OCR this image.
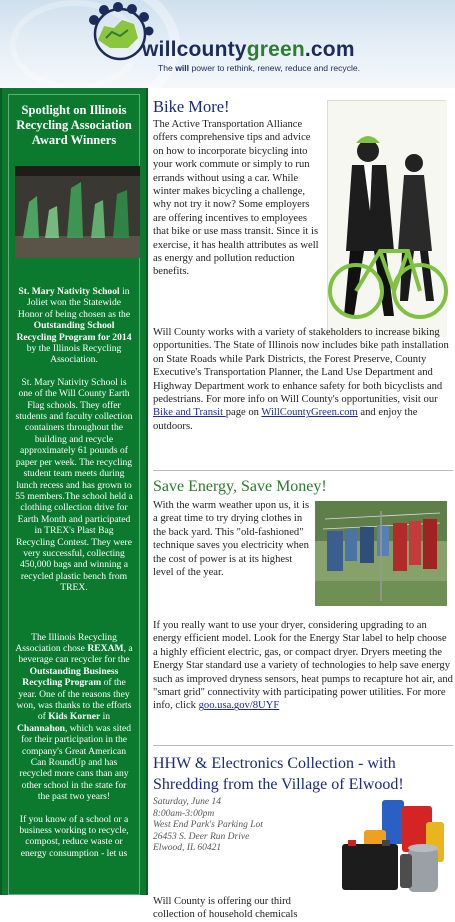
willcountygreen.com
The will power to rethink, renew, reduce and recycle.
Spotlight on Illinois Recycling Association Award Winners

St. Mary Nativity School in Joliet won the Statewide Honor of being chosen as the Outstanding School Recycling Program for 2014 by the Illinois Recycling Association.

St. Mary Nativity School is one of the Will County Earth Flag schools. They offer students and faculty collection containers throughout the building and recycle approximately 61 pounds of paper per week. The recycling student team meets during lunch recess and has grown to 55 members.The school held a clothing collection drive for Earth Month and participated in TREX's Plast Bag Recycling Contest. They were very successful, collecting 450,000 bags and winning a recycled plastic bench from TREX.

The Illinois Recycling Association chose REXAM, a beverage can recycler for the Outstanding Business Recycling Program of the year. One of the reasons they won, was thanks to the efforts of Kids Korner in Channahon, which was sited for their participation in the company's Great American Can RoundUp and has recycled more cans than any other school in the state for the past two years!

If you know of a school or a business working to recycle, compost, reduce waste or energy consumption - let us

Bike More!
The Active Transportation Alliance offers comprehensive tips and advice on how to incorporate bicycling into your work commute or simply to run errands without using a car. While winter makes bicycling a challenge, why not try it now? Some employers are offering incentives to employees that bike or use mass transit. Since it is exercise, it has health attributes as well as energy and pollution reduction benefits.
Will County works with a variety of stakeholders to increase biking opportunities. The State of Illinois now includes bike path installation on State Roads while Park Districts, the Forest Preserve, County Executive's Transportation Planner, the Land Use Department and Highway Department work to enhance safety for both bicyclists and pedestrians. For more info on Will County's opportunities, visit our Bike and Transit page on WillCountyGreen.com and enjoy the outdoors.
Save Energy, Save Money!
With the warm weather upon us, it is a great time to try drying clothes in the back yard. This "old-fashioned" technique saves you electricity when the cost of power is at its highest level of the year.
If you really want to use your dryer, considering upgrading to an energy efficient model. Look for the Energy Star label to help choose a highly efficient electric, gas, or compact dryer. Dryers meeting the Energy Star standard use a variety of technologies to help save energy such as improved dryness sensors, heat pumps to recapture hot air, and "smart grid" connectivity with participating power utilities. For more info, click goo.usa.gov/8UYF
HHW & Electronics Collection - with Shredding from the Village of Elwood!
Saturday, June 14
8:00am-3:00pm
West End Park's Parking Lot
26453 S. Deer Run Drive
Elwood, IL 60421
Will County is offering our third collection of household chemicals
